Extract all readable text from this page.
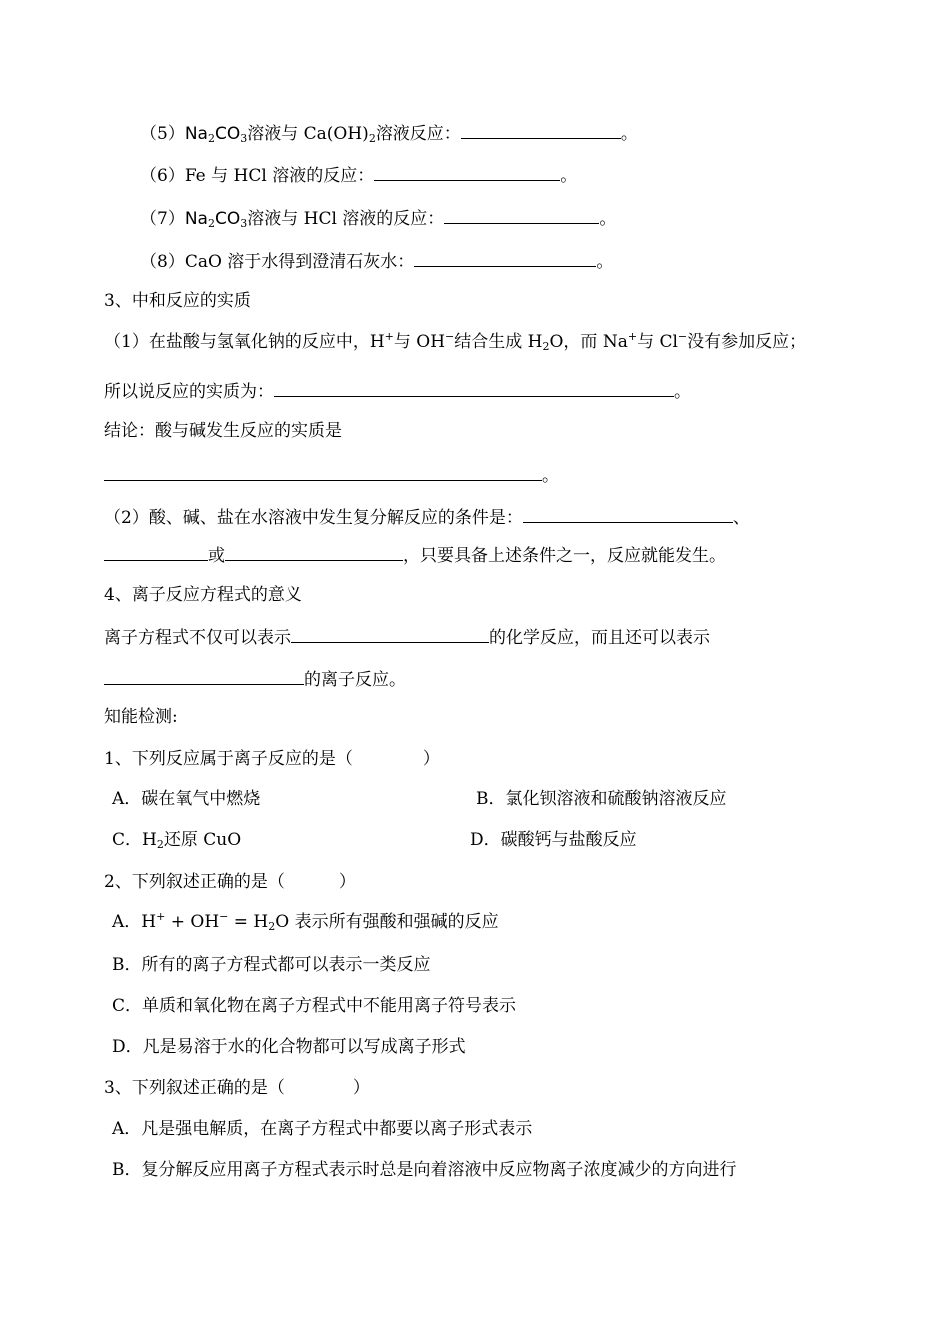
$(5)Na_2CO_3$溶液与 $Ca(OH)_2$溶液反应：	。
（6）Fe 与 HCl 溶液的反应：	。
$(7)Na_2CO_3$溶液与 HCl 溶液的反应：	。
（8）CaO 溶于水得到澄清石灰水：	。
3、中和反应的实质
（1）在盐酸与氢氧化钠的反应中，H+与 OH−结合生成 $H_2O$，而 Na+与 Cl−没有参加反应；
所以说反应的实质为：	。
结论：酸与碱发生反应的实质是
。
（2）酸、碱、盐在水溶液中发生复分解反应的条件是：	、
或	，只要具备上述条件之一，反应就能发生。
4、离子反应方程式的意义
离子方程式不仅可以表示	的化学反应，而且还可以表示
的离子反应。
知能检测:
1、下列反应属于离子反应的是（	）
A．碳在氧气中燃烧	B．氯化钡溶液和硫酸钠溶液反应
C．$H_2$还原 CuO	D．碳酸钙与盐酸反应
2、下列叙述正确的是（	）
A．$H^+ + OH^- = H_2O$ 表示所有强酸和强碱的反应
B．所有的离子方程式都可以表示一类反应
C．单质和氧化物在离子方程式中不能用离子符号表示
D．凡是易溶于水的化合物都可以写成离子形式
3、下列叙述正确的是（	）
A．凡是强电解质，在离子方程式中都要以离子形式表示
B．复分解反应用离子方程式表示时总是向着溶液中反应物离子浓度减少的方向进行
